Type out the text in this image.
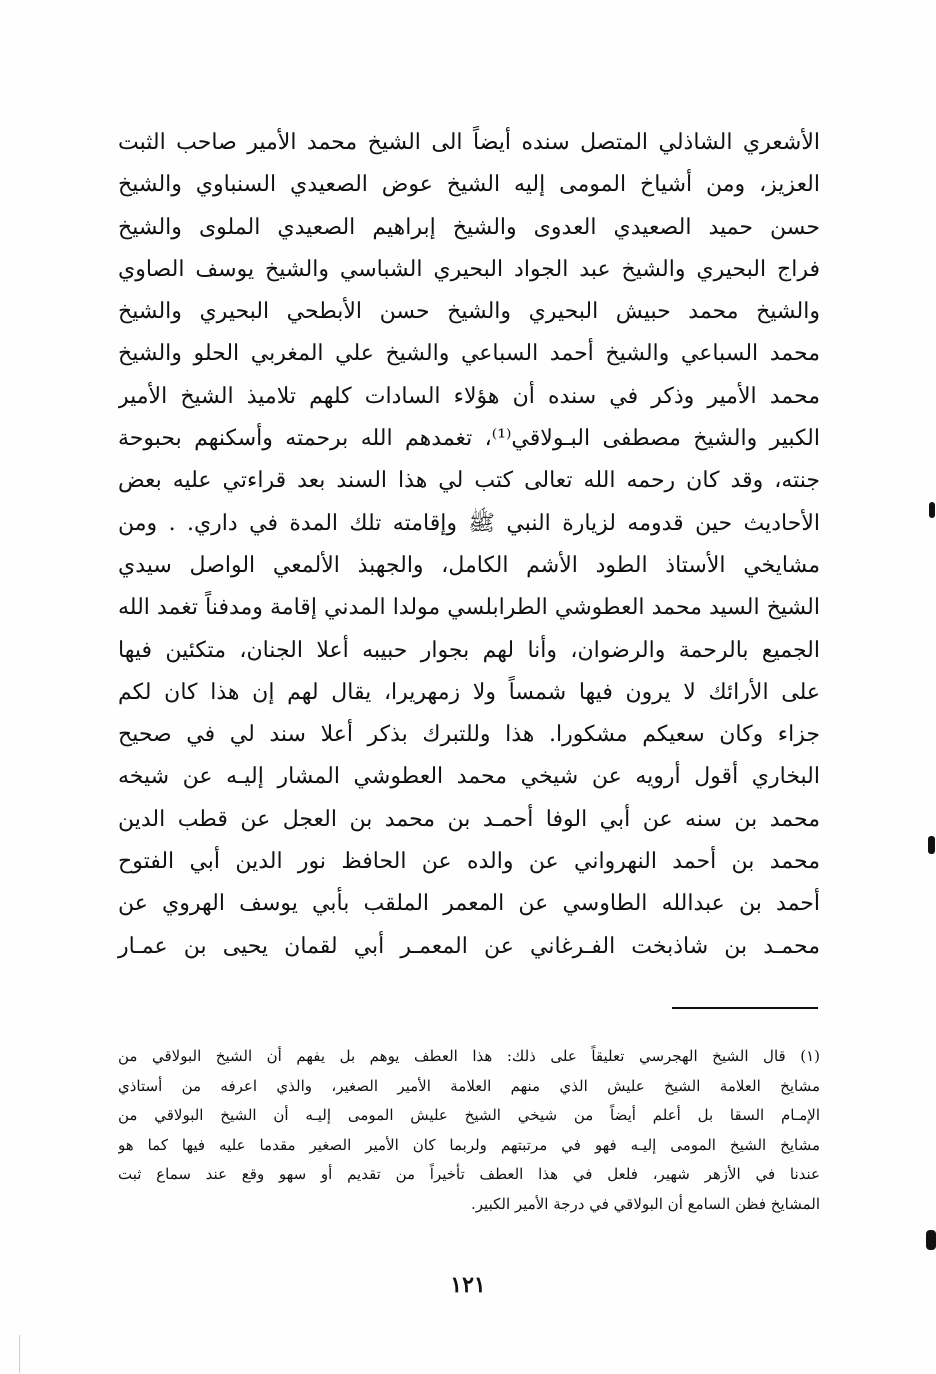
الأشعري الشاذلي المتصل سنده أيضاً الى الشيخ محمد الأمير صاحب الثبت
العزيز، ومن أشياخ المومى إليه الشيخ عوض الصعيدي السنباوي والشيخ
حسن حميد الصعيدي العدوى والشيخ إبراهيم الصعيدي الملوى والشيخ
فراج البحيري والشيخ عبد الجواد البحيري الشباسي والشيخ يوسف الصاوي
والشيخ محمد حبيش البحيري والشيخ حسن الأبطحي البحيري والشيخ
محمد السباعي والشيخ أحمد السباعي والشيخ علي المغربي الحلو والشيخ
محمد الأمير وذكر في سنده أن هؤلاء السادات كلهم تلاميذ الشيخ الأمير
الكبير والشيخ مصطفى البـولاقي⁽¹⁾، تغمدهم الله برحمته وأسكنهم بحبوحة
جنته، وقد كان رحمه الله تعالى كتب لي هذا السند بعد قراءتي عليه بعض
الأحاديث حين قدومه لزيارة النبي ﷺ وإقامته تلك المدة في داري. . ومن
مشايخي الأستاذ الطود الأشم الكامل، والجهبذ الألمعي الواصل سيدي
الشيخ السيد محمد العطوشي الطرابلسي مولدا المدني إقامة ومدفناً تغمد الله
الجميع بالرحمة والرضوان، وأنا لهم بجوار حبيبه أعلا الجنان، متكئين فيها
على الأرائك لا يرون فيها شمساً ولا زمهريرا، يقال لهم إن هذا كان لكم
جزاء وكان سعيكم مشكورا. هذا وللتبرك بذكر أعلا سند لي في صحيح
البخاري أقول أرويه عن شيخي محمد العطوشي المشار إليـه عن شيخه
محمد بن سنه عن أبي الوفا أحمـد بن محمد بن العجل عن قطب الدين
محمد بن أحمد النهرواني عن والده عن الحافظ نور الدين أبي الفتوح
أحمد بن عبدالله الطاوسي عن المعمر الملقب بأبي يوسف الهروي عن
محمـد بن شاذبخت الفـرغاني عن المعمـر أبي لقمان يحيى بن عمـار
(١) قال الشيخ الهجرسي تعليقاً على ذلك: هذا العطف يوهم بل يفهم أن الشيخ البولاقي من
مشايخ العلامة الشيخ عليش الذي منهم العلامة الأمير الصغير، والذي اعرفه من أستاذي
الإمـام السقا بل أعلم أيضاً من شيخي الشيخ عليش المومى إليـه أن الشيخ البولاقي من
مشايخ الشيخ المومى إليـه فهو في مرتبتهم ولربما كان الأمير الصغير مقدما عليه فيها كما هو
عندنا في الأزهر شهير، فلعل في هذا العطف تأخيراً من تقديم أو سهو وقع عند سماع ثبت
المشايخ فظن السامع أن البولاقي في درجة الأمير الكبير.
١٢١
